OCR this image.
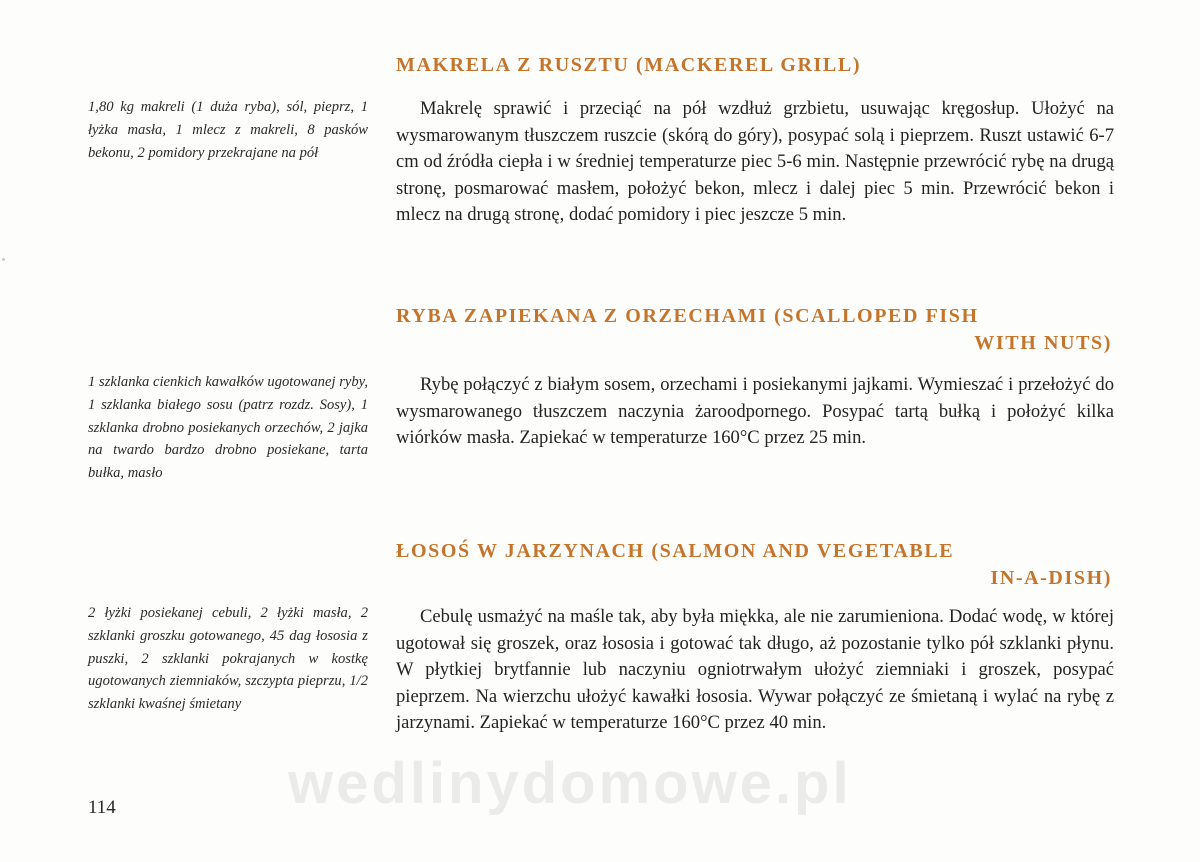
MAKRELA Z RUSZTU (MACKEREL GRILL)

1,80 kg makreli (1 duża ryba), sól, pieprz, 1 łyżka masła, 1 mlecz z makreli, 8 pasków bekonu, 2 pomidory przekrajane na pół

Makrelę sprawić i przeciąć na pół wzdłuż grzbietu, usuwając kręgosłup. Ułożyć na wysmarowanym tłuszczem ruszcie (skórą do góry), posypać solą i pieprzem. Ruszt ustawić 6-7 cm od źródła ciepła i w średniej temperaturze piec 5-6 min. Następnie przewrócić rybę na drugą stronę, posmarować masłem, położyć bekon, mlecz i dalej piec 5 min. Przewrócić bekon i mlecz na drugą stronę, dodać pomidory i piec jeszcze 5 min.

RYBA ZAPIEKANA Z ORZECHAMI (SCALLOPED FISH
WITH NUTS)

1 szklanka cienkich kawałków ugotowanej ryby, 1 szklanka białego sosu (patrz rozdz. Sosy), 1 szklanka drobno posiekanych orzechów, 2 jajka na twardo bardzo drobno posiekane, tarta bułka, masło

Rybę połączyć z białym sosem, orzechami i posiekanymi jajkami. Wymieszać i przełożyć do wysmarowanego tłuszczem naczynia żaroodpornego. Posypać tartą bułką i położyć kilka wiórków masła. Zapiekać w temperaturze 160°C przez 25 min.

ŁOSOŚ W JARZYNACH (SALMON AND VEGETABLE
IN-A-DISH)

2 łyżki posiekanej cebuli, 2 łyżki masła, 2 szklanki groszku gotowanego, 45 dag łososia z puszki, 2 szklanki pokrajanych w kostkę ugotowanych ziemniaków, szczypta pieprzu, 1/2 szklanki kwaśnej śmietany

Cebulę usmażyć na maśle tak, aby była miękka, ale nie zarumieniona. Dodać wodę, w której ugotował się groszek, oraz łososia i gotować tak długo, aż pozostanie tylko pół szklanki płynu. W płytkiej brytfannie lub naczyniu ogniotrwałym ułożyć ziemniaki i groszek, posypać pieprzem. Na wierzchu ułożyć kawałki łososia. Wywar połączyć ze śmietaną i wylać na rybę z jarzynami. Zapiekać w temperaturze 160°C przez 40 min.

wedlinydomowe.pl
114
